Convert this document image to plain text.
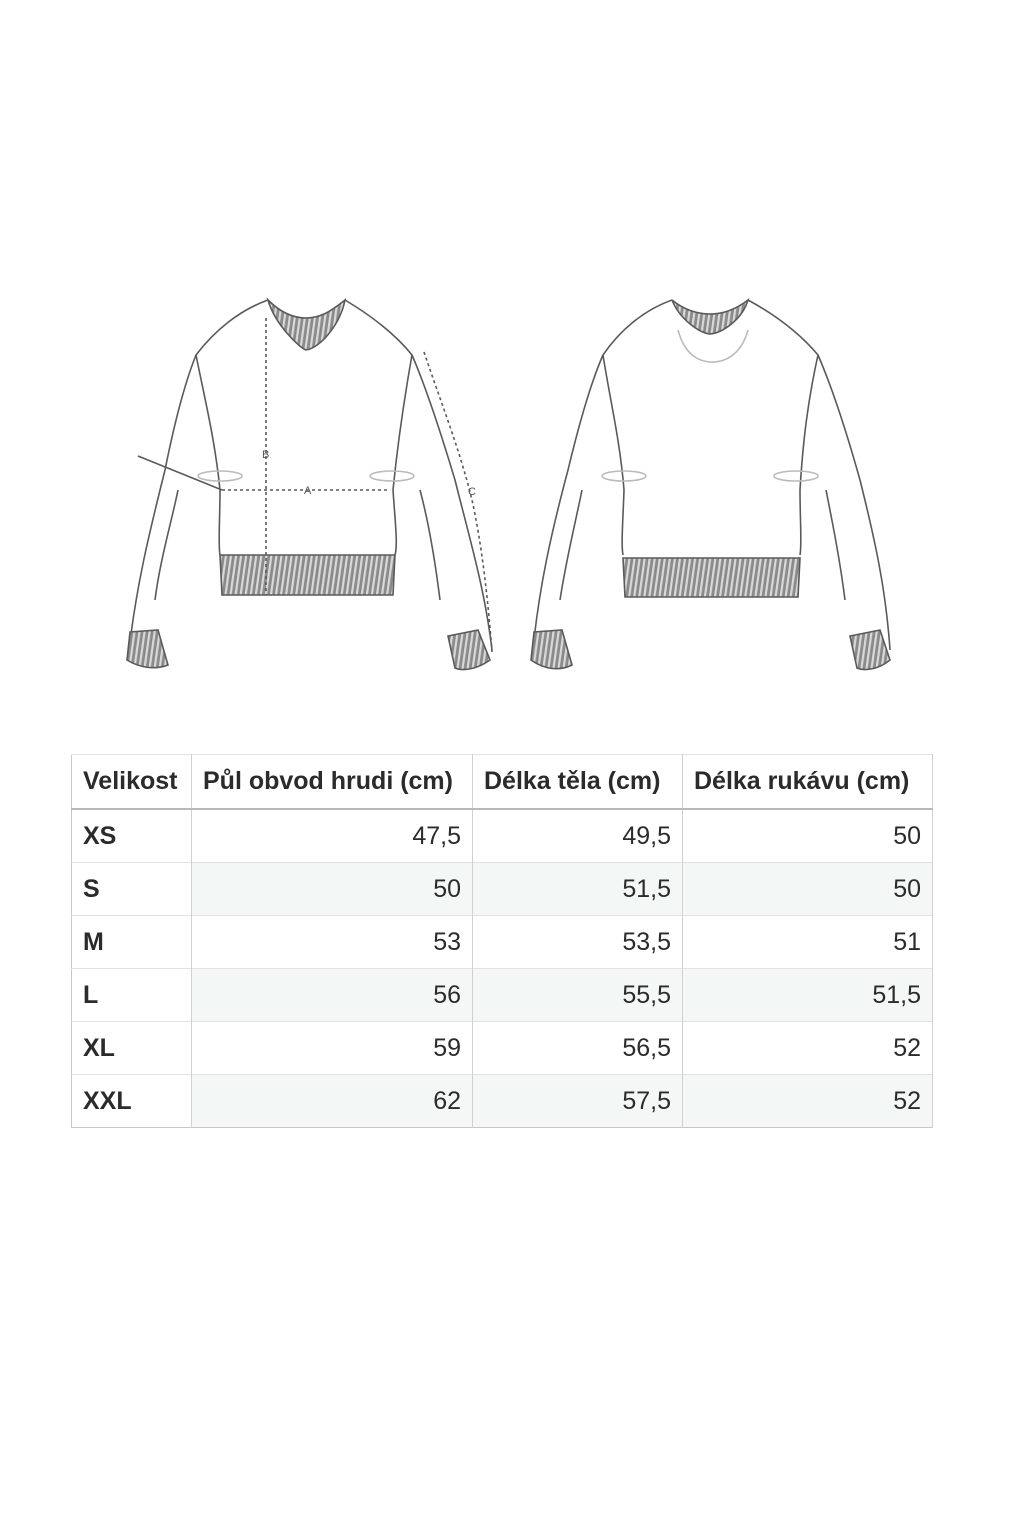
A
B
C
Velikost	Půl obvod hrudi (cm)	Délka těla (cm)	Délka rukávu (cm)
XS	47,5	49,5	50
S	50	51,5	50
M	53	53,5	51
L	56	55,5	51,5
XL	59	56,5	52
XXL	62	57,5	52
